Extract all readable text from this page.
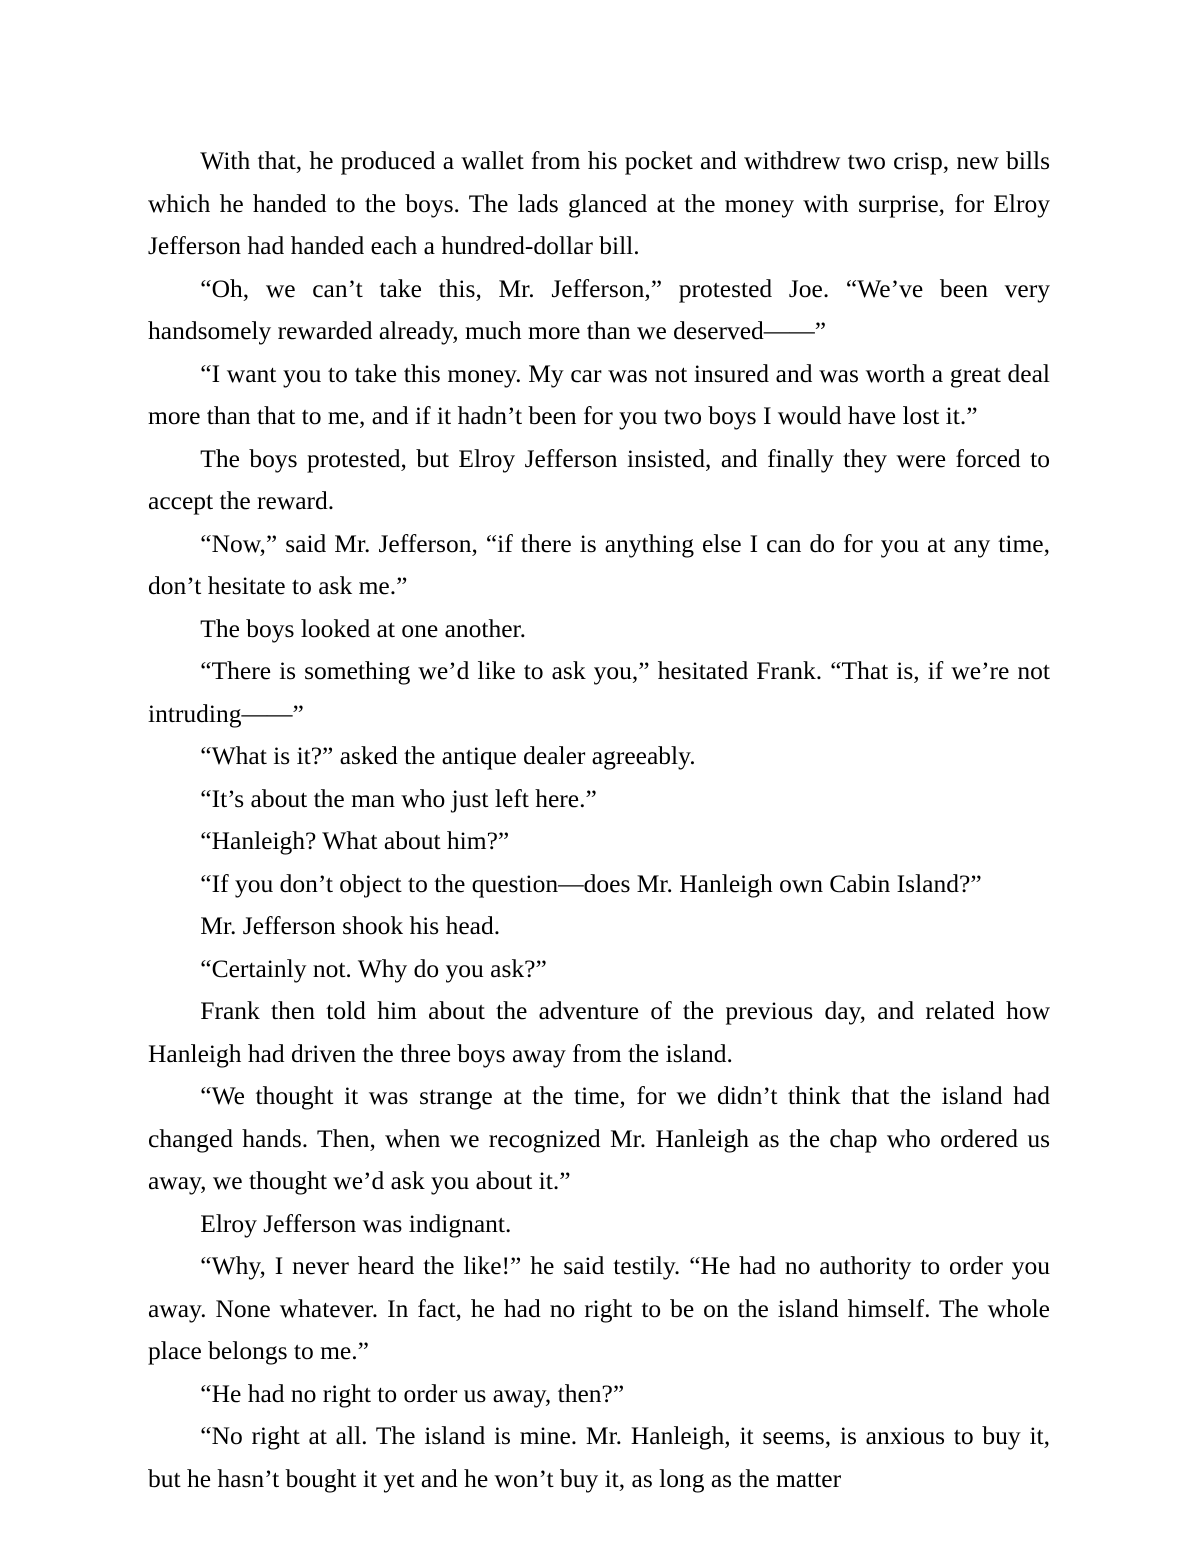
With that, he produced a wallet from his pocket and withdrew two crisp, new bills which he handed to the boys. The lads glanced at the money with surprise, for Elroy Jefferson had handed each a hundred-dollar bill.

“Oh, we can’t take this, Mr. Jefferson,” protested Joe. “We’ve been very handsomely rewarded already, much more than we deserved——”

“I want you to take this money. My car was not insured and was worth a great deal more than that to me, and if it hadn’t been for you two boys I would have lost it.”

The boys protested, but Elroy Jefferson insisted, and finally they were forced to accept the reward.

“Now,” said Mr. Jefferson, “if there is anything else I can do for you at any time, don’t hesitate to ask me.”

The boys looked at one another.

“There is something we’d like to ask you,” hesitated Frank. “That is, if we’re not intruding——”

“What is it?” asked the antique dealer agreeably.

“It’s about the man who just left here.”

“Hanleigh? What about him?”

“If you don’t object to the question—does Mr. Hanleigh own Cabin Island?”

Mr. Jefferson shook his head.

“Certainly not. Why do you ask?”

Frank then told him about the adventure of the previous day, and related how Hanleigh had driven the three boys away from the island.

“We thought it was strange at the time, for we didn’t think that the island had changed hands. Then, when we recognized Mr. Hanleigh as the chap who ordered us away, we thought we’d ask you about it.”

Elroy Jefferson was indignant.

“Why, I never heard the like!” he said testily. “He had no authority to order you away. None whatever. In fact, he had no right to be on the island himself. The whole place belongs to me.”

“He had no right to order us away, then?”

“No right at all. The island is mine. Mr. Hanleigh, it seems, is anxious to buy it, but he hasn’t bought it yet and he won’t buy it, as long as the matter
